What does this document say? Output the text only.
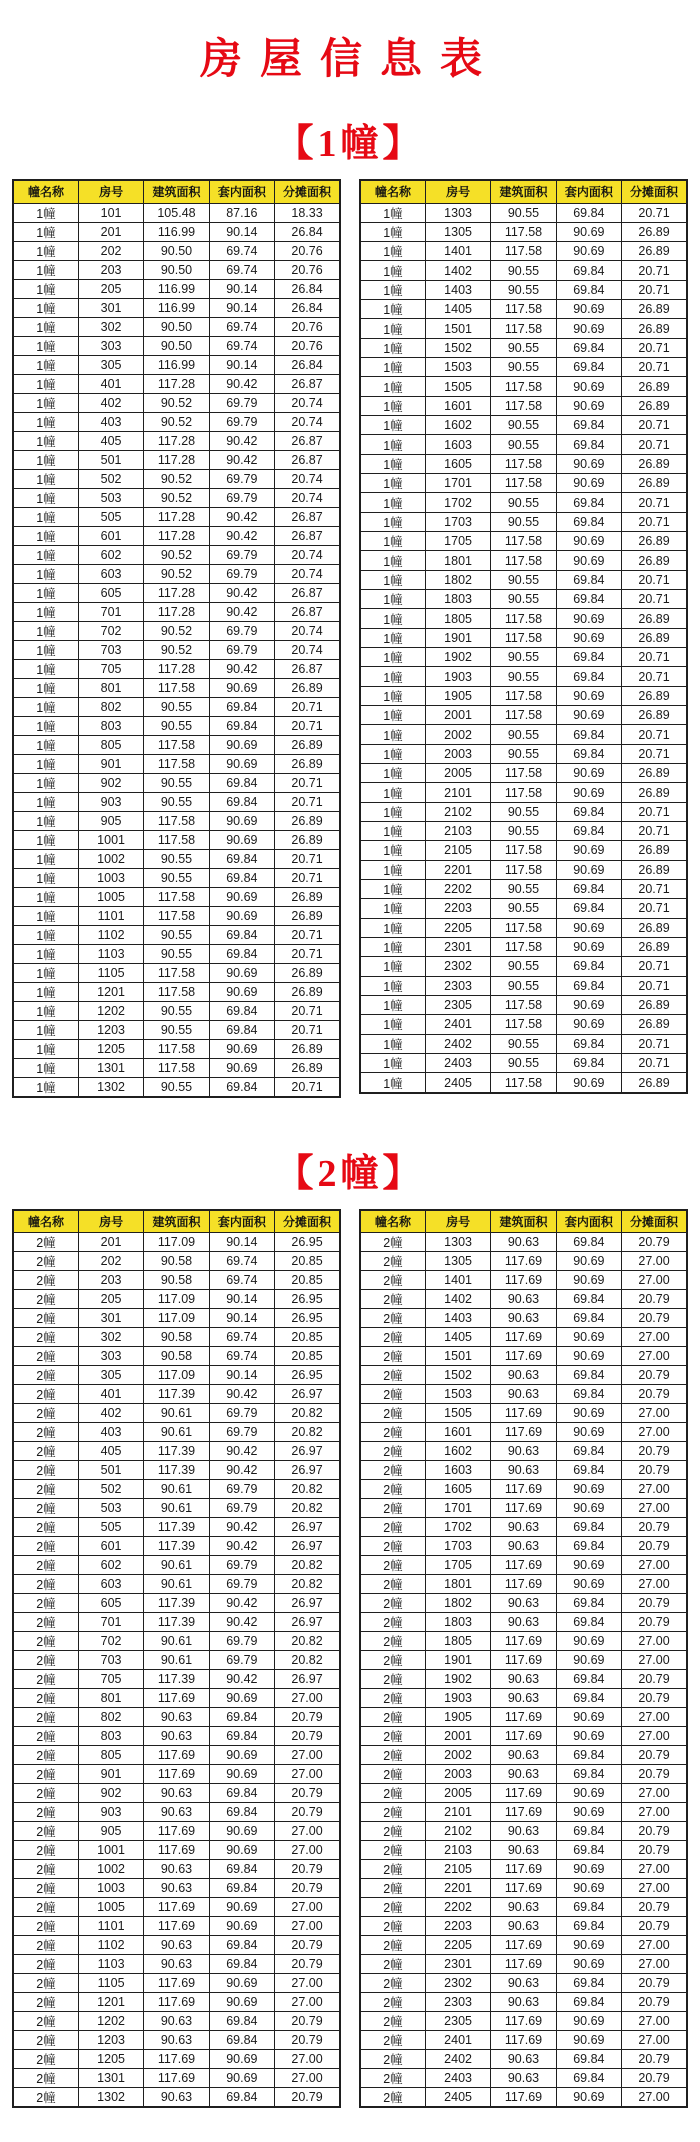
房屋信息表
【1幢】
幢名称	房号	建筑面积	套内面积	分摊面积
1幢	101	105.48	87.16	18.33
1幢	201	116.99	90.14	26.84
1幢	202	90.50	69.74	20.76
1幢	203	90.50	69.74	20.76
1幢	205	116.99	90.14	26.84
1幢	301	116.99	90.14	26.84
1幢	302	90.50	69.74	20.76
1幢	303	90.50	69.74	20.76
1幢	305	116.99	90.14	26.84
1幢	401	117.28	90.42	26.87
1幢	402	90.52	69.79	20.74
1幢	403	90.52	69.79	20.74
1幢	405	117.28	90.42	26.87
1幢	501	117.28	90.42	26.87
1幢	502	90.52	69.79	20.74
1幢	503	90.52	69.79	20.74
1幢	505	117.28	90.42	26.87
1幢	601	117.28	90.42	26.87
1幢	602	90.52	69.79	20.74
1幢	603	90.52	69.79	20.74
1幢	605	117.28	90.42	26.87
1幢	701	117.28	90.42	26.87
1幢	702	90.52	69.79	20.74
1幢	703	90.52	69.79	20.74
1幢	705	117.28	90.42	26.87
1幢	801	117.58	90.69	26.89
1幢	802	90.55	69.84	20.71
1幢	803	90.55	69.84	20.71
1幢	805	117.58	90.69	26.89
1幢	901	117.58	90.69	26.89
1幢	902	90.55	69.84	20.71
1幢	903	90.55	69.84	20.71
1幢	905	117.58	90.69	26.89
1幢	1001	117.58	90.69	26.89
1幢	1002	90.55	69.84	20.71
1幢	1003	90.55	69.84	20.71
1幢	1005	117.58	90.69	26.89
1幢	1101	117.58	90.69	26.89
1幢	1102	90.55	69.84	20.71
1幢	1103	90.55	69.84	20.71
1幢	1105	117.58	90.69	26.89
1幢	1201	117.58	90.69	26.89
1幢	1202	90.55	69.84	20.71
1幢	1203	90.55	69.84	20.71
1幢	1205	117.58	90.69	26.89
1幢	1301	117.58	90.69	26.89
1幢	1302	90.55	69.84	20.71
幢名称	房号	建筑面积	套内面积	分摊面积
1幢	1303	90.55	69.84	20.71
1幢	1305	117.58	90.69	26.89
1幢	1401	117.58	90.69	26.89
1幢	1402	90.55	69.84	20.71
1幢	1403	90.55	69.84	20.71
1幢	1405	117.58	90.69	26.89
1幢	1501	117.58	90.69	26.89
1幢	1502	90.55	69.84	20.71
1幢	1503	90.55	69.84	20.71
1幢	1505	117.58	90.69	26.89
1幢	1601	117.58	90.69	26.89
1幢	1602	90.55	69.84	20.71
1幢	1603	90.55	69.84	20.71
1幢	1605	117.58	90.69	26.89
1幢	1701	117.58	90.69	26.89
1幢	1702	90.55	69.84	20.71
1幢	1703	90.55	69.84	20.71
1幢	1705	117.58	90.69	26.89
1幢	1801	117.58	90.69	26.89
1幢	1802	90.55	69.84	20.71
1幢	1803	90.55	69.84	20.71
1幢	1805	117.58	90.69	26.89
1幢	1901	117.58	90.69	26.89
1幢	1902	90.55	69.84	20.71
1幢	1903	90.55	69.84	20.71
1幢	1905	117.58	90.69	26.89
1幢	2001	117.58	90.69	26.89
1幢	2002	90.55	69.84	20.71
1幢	2003	90.55	69.84	20.71
1幢	2005	117.58	90.69	26.89
1幢	2101	117.58	90.69	26.89
1幢	2102	90.55	69.84	20.71
1幢	2103	90.55	69.84	20.71
1幢	2105	117.58	90.69	26.89
1幢	2201	117.58	90.69	26.89
1幢	2202	90.55	69.84	20.71
1幢	2203	90.55	69.84	20.71
1幢	2205	117.58	90.69	26.89
1幢	2301	117.58	90.69	26.89
1幢	2302	90.55	69.84	20.71
1幢	2303	90.55	69.84	20.71
1幢	2305	117.58	90.69	26.89
1幢	2401	117.58	90.69	26.89
1幢	2402	90.55	69.84	20.71
1幢	2403	90.55	69.84	20.71
1幢	2405	117.58	90.69	26.89
【2幢】
幢名称	房号	建筑面积	套内面积	分摊面积
2幢	201	117.09	90.14	26.95
2幢	202	90.58	69.74	20.85
2幢	203	90.58	69.74	20.85
2幢	205	117.09	90.14	26.95
2幢	301	117.09	90.14	26.95
2幢	302	90.58	69.74	20.85
2幢	303	90.58	69.74	20.85
2幢	305	117.09	90.14	26.95
2幢	401	117.39	90.42	26.97
2幢	402	90.61	69.79	20.82
2幢	403	90.61	69.79	20.82
2幢	405	117.39	90.42	26.97
2幢	501	117.39	90.42	26.97
2幢	502	90.61	69.79	20.82
2幢	503	90.61	69.79	20.82
2幢	505	117.39	90.42	26.97
2幢	601	117.39	90.42	26.97
2幢	602	90.61	69.79	20.82
2幢	603	90.61	69.79	20.82
2幢	605	117.39	90.42	26.97
2幢	701	117.39	90.42	26.97
2幢	702	90.61	69.79	20.82
2幢	703	90.61	69.79	20.82
2幢	705	117.39	90.42	26.97
2幢	801	117.69	90.69	27.00
2幢	802	90.63	69.84	20.79
2幢	803	90.63	69.84	20.79
2幢	805	117.69	90.69	27.00
2幢	901	117.69	90.69	27.00
2幢	902	90.63	69.84	20.79
2幢	903	90.63	69.84	20.79
2幢	905	117.69	90.69	27.00
2幢	1001	117.69	90.69	27.00
2幢	1002	90.63	69.84	20.79
2幢	1003	90.63	69.84	20.79
2幢	1005	117.69	90.69	27.00
2幢	1101	117.69	90.69	27.00
2幢	1102	90.63	69.84	20.79
2幢	1103	90.63	69.84	20.79
2幢	1105	117.69	90.69	27.00
2幢	1201	117.69	90.69	27.00
2幢	1202	90.63	69.84	20.79
2幢	1203	90.63	69.84	20.79
2幢	1205	117.69	90.69	27.00
2幢	1301	117.69	90.69	27.00
2幢	1302	90.63	69.84	20.79
幢名称	房号	建筑面积	套内面积	分摊面积
2幢	1303	90.63	69.84	20.79
2幢	1305	117.69	90.69	27.00
2幢	1401	117.69	90.69	27.00
2幢	1402	90.63	69.84	20.79
2幢	1403	90.63	69.84	20.79
2幢	1405	117.69	90.69	27.00
2幢	1501	117.69	90.69	27.00
2幢	1502	90.63	69.84	20.79
2幢	1503	90.63	69.84	20.79
2幢	1505	117.69	90.69	27.00
2幢	1601	117.69	90.69	27.00
2幢	1602	90.63	69.84	20.79
2幢	1603	90.63	69.84	20.79
2幢	1605	117.69	90.69	27.00
2幢	1701	117.69	90.69	27.00
2幢	1702	90.63	69.84	20.79
2幢	1703	90.63	69.84	20.79
2幢	1705	117.69	90.69	27.00
2幢	1801	117.69	90.69	27.00
2幢	1802	90.63	69.84	20.79
2幢	1803	90.63	69.84	20.79
2幢	1805	117.69	90.69	27.00
2幢	1901	117.69	90.69	27.00
2幢	1902	90.63	69.84	20.79
2幢	1903	90.63	69.84	20.79
2幢	1905	117.69	90.69	27.00
2幢	2001	117.69	90.69	27.00
2幢	2002	90.63	69.84	20.79
2幢	2003	90.63	69.84	20.79
2幢	2005	117.69	90.69	27.00
2幢	2101	117.69	90.69	27.00
2幢	2102	90.63	69.84	20.79
2幢	2103	90.63	69.84	20.79
2幢	2105	117.69	90.69	27.00
2幢	2201	117.69	90.69	27.00
2幢	2202	90.63	69.84	20.79
2幢	2203	90.63	69.84	20.79
2幢	2205	117.69	90.69	27.00
2幢	2301	117.69	90.69	27.00
2幢	2302	90.63	69.84	20.79
2幢	2303	90.63	69.84	20.79
2幢	2305	117.69	90.69	27.00
2幢	2401	117.69	90.69	27.00
2幢	2402	90.63	69.84	20.79
2幢	2403	90.63	69.84	20.79
2幢	2405	117.69	90.69	27.00
